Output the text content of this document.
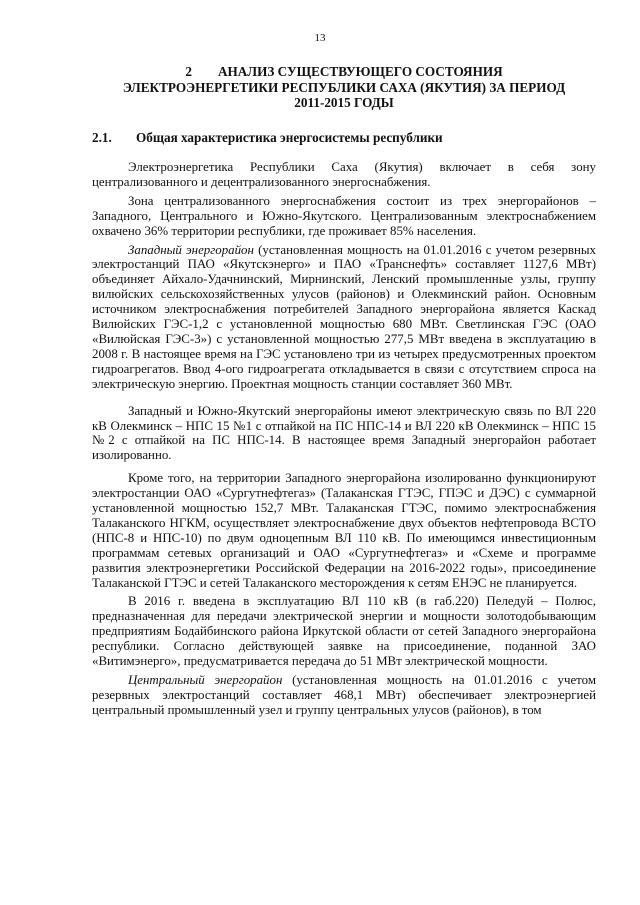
13
2 АНАЛИЗ СУЩЕСТВУЮЩЕГО СОСТОЯНИЯ
ЭЛЕКТРОЭНЕРГЕТИКИ РЕСПУБЛИКИ САХА (ЯКУТИЯ) ЗА ПЕРИОД
2011-2015 ГОДЫ
2.1. Общая характеристика энергосистемы республики

Электроэнергетика Республики Саха (Якутия) включает в себя зону централизованного и децентрализованного энергоснабжения.

Зона централизованного энергоснабжения состоит из трех энергорайонов – Западного, Центрального и Южно-Якутского. Централизованным электроснабжением охвачено 36% территории республики, где проживает 85% населения.

Западный энергорайон (установленная мощность на 01.01.2016 с учетом резервных электростанций ПАО «Якутскэнерго» и ПАО «Транснефть» составляет 1127,6 МВт) объединяет Айхало-Удачнинский, Мирнинский, Ленский промышленные узлы, группу вилюйских сельскохозяйственных улусов (районов) и Олекминский район. Основным источником электроснабжения потребителей Западного энергорайона является Каскад Вилюйских ГЭС-1,2 с установленной мощностью 680 МВт. Светлинская ГЭС (ОАО «Вилюйская ГЭС-3») с установленной мощностью 277,5 МВт введена в эксплуатацию в 2008 г. В настоящее время на ГЭС установлено три из четырех предусмотренных проектом гидроагрегатов. Ввод 4-ого гидроагрегата откладывается в связи с отсутствием спроса на электрическую энергию. Проектная мощность станции составляет 360 МВт.

Западный и Южно-Якутский энергорайоны имеют электрическую связь по ВЛ 220 кВ Олекминск – НПС 15 №1 с отпайкой на ПС НПС-14 и ВЛ 220 кВ Олекминск – НПС 15 №2 с отпайкой на ПС НПС-14. В настоящее время Западный энергорайон работает изолированно.

Кроме того, на территории Западного энергорайона изолированно функционируют электростанции ОАО «Сургутнефтегаз» (Талаканская ГТЭС, ГПЭС и ДЭС) с суммарной установленной мощностью 152,7 МВт. Талаканская ГТЭС, помимо электроснабжения Талаканского НГКМ, осуществляет электроснабжение двух объектов нефтепровода ВСТО (НПС-8 и НПС-10) по двум одноцепным ВЛ 110 кВ. По имеющимся инвестиционным программам сетевых организаций и ОАО «Сургутнефтегаз» и «Схеме и программе развития электроэнергетики Российской Федерации на 2016-2022 годы», присоединение Талаканской ГТЭС и сетей Талаканского месторождения к сетям ЕНЭС не планируется.

В 2016 г. введена в эксплуатацию ВЛ 110 кВ (в габ.220) Пеледуй – Полюс, предназначенная для передачи электрической энергии и мощности золотодобывающим предприятиям Бодайбинского района Иркутской области от сетей Западного энергорайона республики. Согласно действующей заявке на присоединение, поданной ЗАО «Витимэнерго», предусматривается передача до 51 МВт электрической мощности.

Центральный энергорайон (установленная мощность на 01.01.2016 с учетом резервных электростанций составляет 468,1 МВт) обеспечивает электроэнергией центральный промышленный узел и группу центральных улусов (районов), в том
